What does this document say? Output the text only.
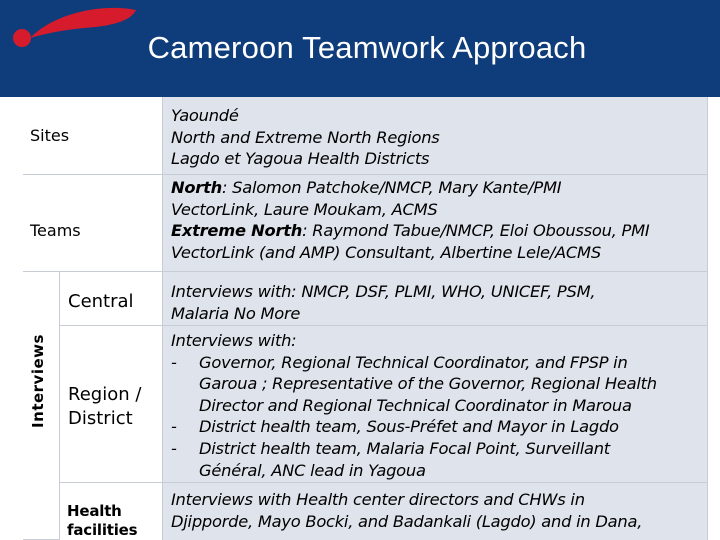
Cameroon Teamwork Approach
Sites
Teams
Central
Region /
District
Health
facilities
Yaoundé
North and Extreme North Regions
Lagdo et Yagoua Health Districts
North: Salomon Patchoke/NMCP, Mary Kante/PMI
VectorLink, Laure Moukam, ACMS
Extreme North: Raymond Tabue/NMCP, Eloi Oboussou, PMI
VectorLink (and AMP) Consultant, Albertine Lele/ACMS
Interviews with: NMCP, DSF, PLMI, WHO, UNICEF, PSM,
Malaria No More
Interviews with:
- Governor, Regional Technical Coordinator, and FPSP in
Garoua ; Representative of the Governor, Regional Health
Director and Regional Technical Coordinator in Maroua
- District health team, Sous-Préfet and Mayor in Lagdo
- District health team, Malaria Focal Point, Surveillant
Général, ANC lead in Yagoua
Interviews with Health center directors and CHWs in
Djipporde, Mayo Bocki, and Badankali (Lagdo) and in Dana,
Interviews
